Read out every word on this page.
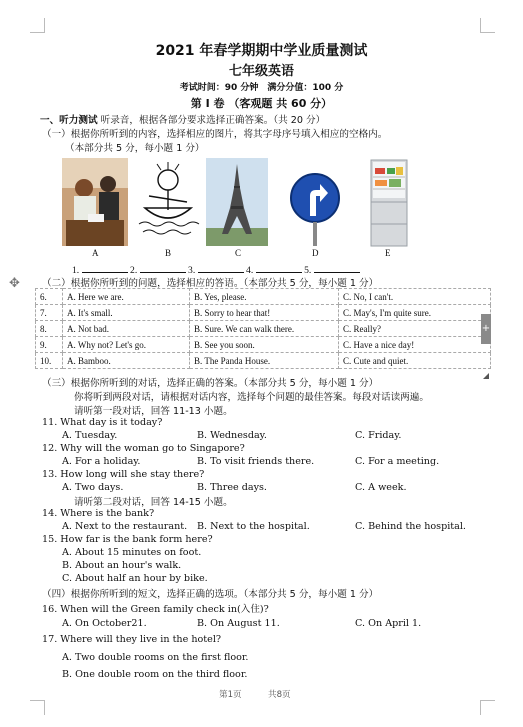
2021 年春学期期中学业质量测试
七年级英语
考试时间：90 分钟　满分分值：100 分
第 I 卷 （客观题 共 60 分）
一、听力测试 听录音，根据各部分要求选择正确答案。（共 20 分）
（一）根据你所听到的内容，选择相应的图片，将其字母序号填入相应的空格内。
（本部分共 5 分，每小题 1 分）
A	B	C	D	E
1.	2.	3.	4.	5.
✥ （二）根据你所听到的问题，选择相应的答语。（本部分共 5 分，每小题 1 分）
6.	A. Here we are.	B. Yes, please.	C. No, I can't.
7.	A. It's small.	B. Sorry to hear that!	C. May's, I'm quite sure.
8.	A. Not bad.	B. Sure. We can walk there.	C. Really?
9.	A. Why not? Let's go.	B. See you soon.	C. Have a nice day!
10.	A. Bamboo.	B. The Panda House.	C. Cute and quiet.
+
（三）根据你所听到的对话，选择正确的答案。（本部分共 5 分，每小题 1 分）
你将听到两段对话，请根据对话内容，选择每个问题的最佳答案。每段对话读两遍。
请听第一段对话，回答 11-13 小题。
11. What day is it today?
A. Tuesday.	B. Wednesday.	C. Friday.
12. Why will the woman go to Singapore?
A. For a holiday.	B. To visit friends there.	C. For a meeting.
13. How long will she stay there?
A. Two days.	B. Three days.	C. A week.
请听第二段对话，回答 14-15 小题。
14. Where is the bank?
A. Next to the restaurant. B. Next to the hospital.	C. Behind the hospital.
15. How far is the bank form here?
A. About 15 minutes on foot.
B. About an hour's walk.
C. About half an hour by bike.
（四）根据你所听到的短文，选择正确的选项。（本部分共 5 分，每小题 1 分）
16. When will the Green family check in(入住)?
A. On October21.	B. On August 11.	C. On April 1.
17. Where will they live in the hotel?
A. Two double rooms on the first floor.
B. One double room on the third floor.
第1页	共8页
